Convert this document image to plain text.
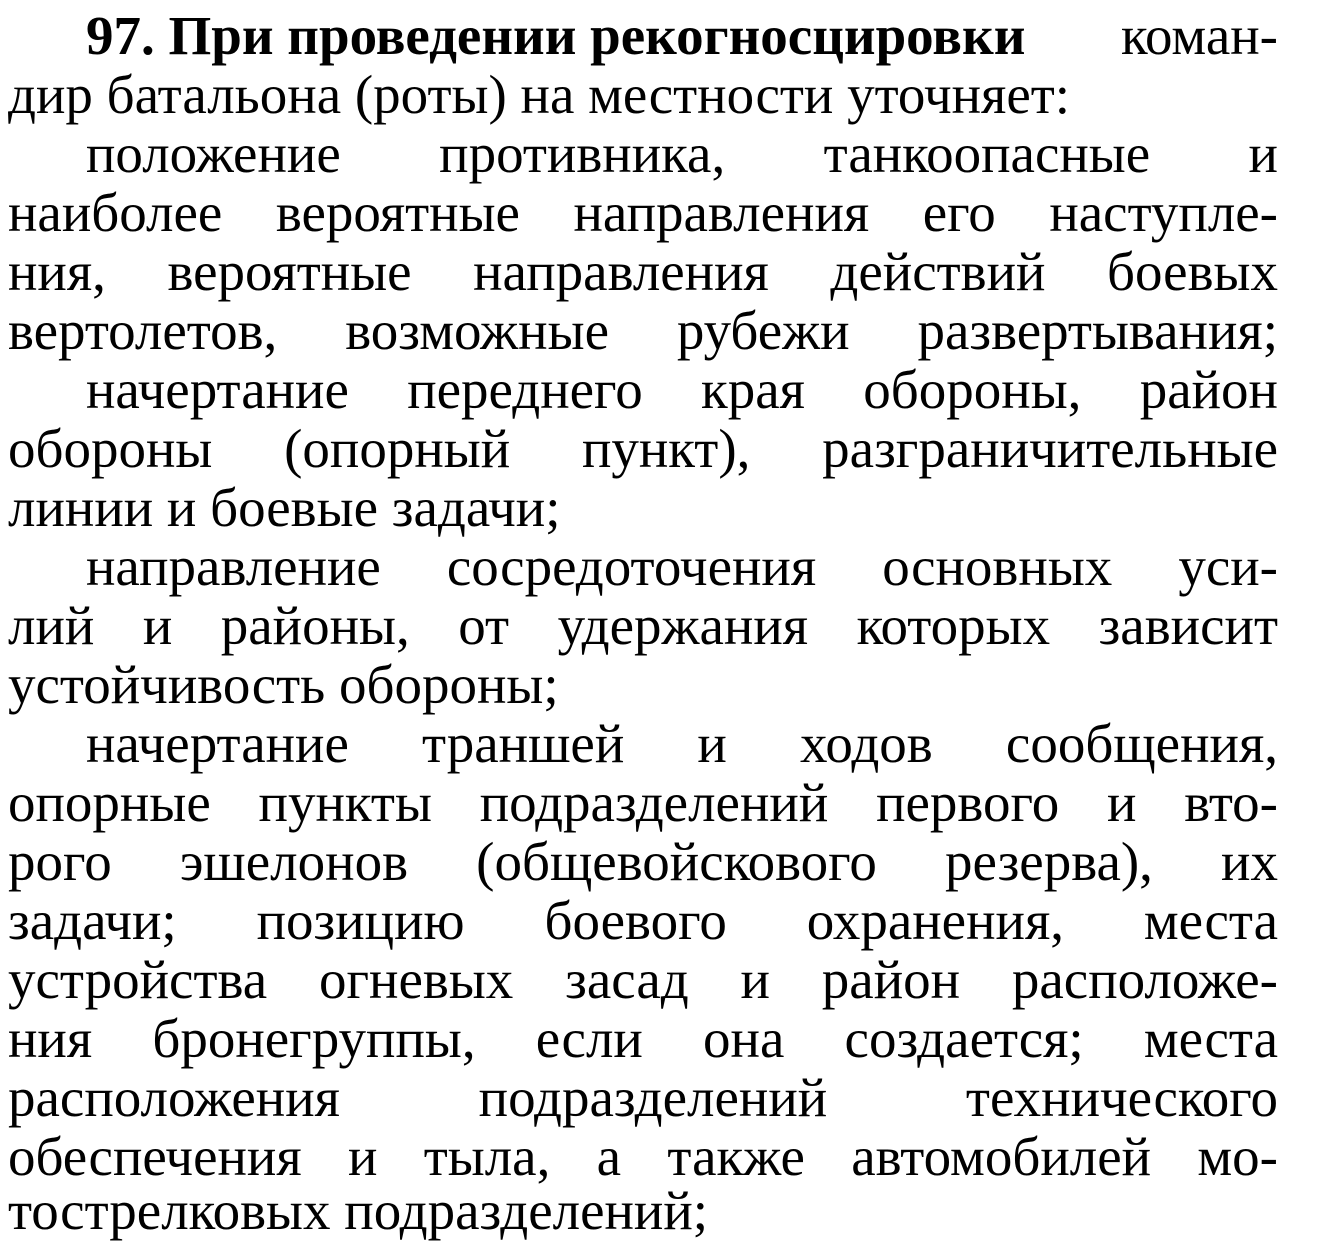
97. При проведении рекогносцировки коман-
дир батальона (роты) на местности уточняет:
положение противника, танкоопасные и
наиболее вероятные направления его наступле-
ния, вероятные направления действий боевых
вертолетов, возможные рубежи развертывания;
начертание переднего края обороны, район
обороны (опорный пункт), разграничительные
линии и боевые задачи;
направление сосредоточения основных уси-
лий и районы, от удержания которых зависит
устойчивость обороны;
начертание траншей и ходов сообщения,
опорные пункты подразделений первого и вто-
рого эшелонов (общевойскового резерва), их
задачи; позицию боевого охранения, места
устройства огневых засад и район расположе-
ния бронегруппы, если она создается; места
расположения подразделений технического
обеспечения и тыла, а также автомобилей мо-
тострелковых подразделений;
